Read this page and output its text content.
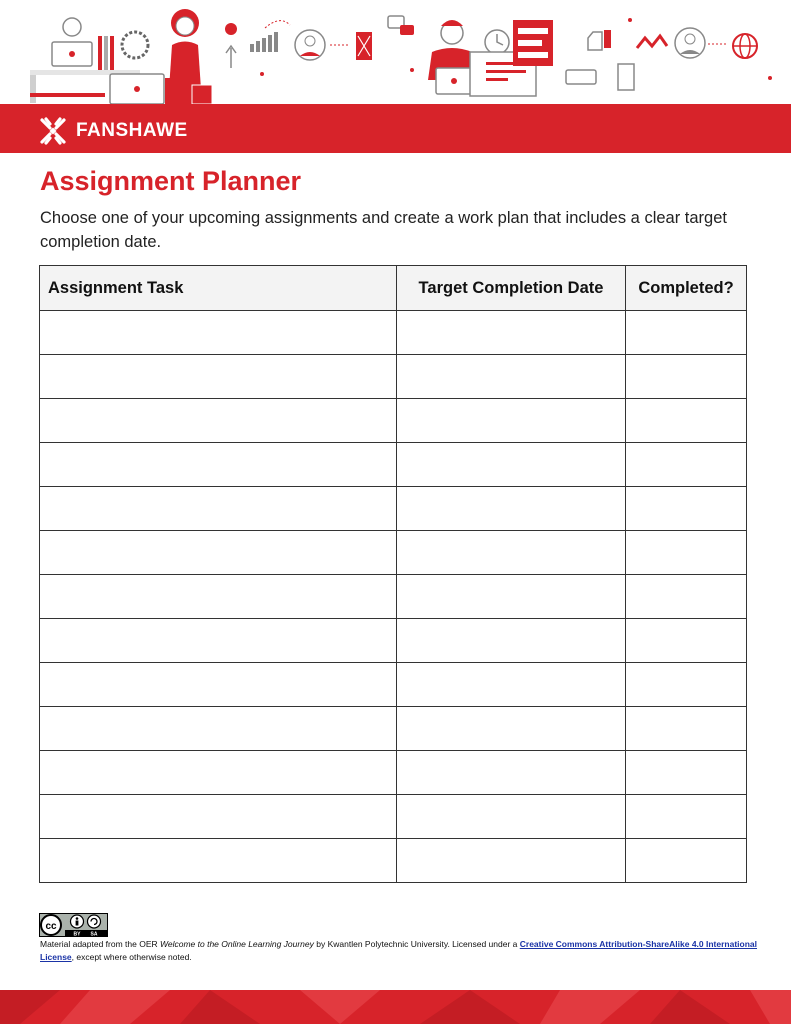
FANSHAWE
Assignment Planner

Choose one of your upcoming assignments and create a work plan that includes a clear target completion date.

Assignment Task	Target Completion Date	Completed?

cc
BY SA

Material adapted from the OER Welcome to the Online Learning Journey by Kwantlen Polytechnic University. Licensed under a Creative Commons Attribution-ShareAlike 4.0 International License, except where otherwise noted.
